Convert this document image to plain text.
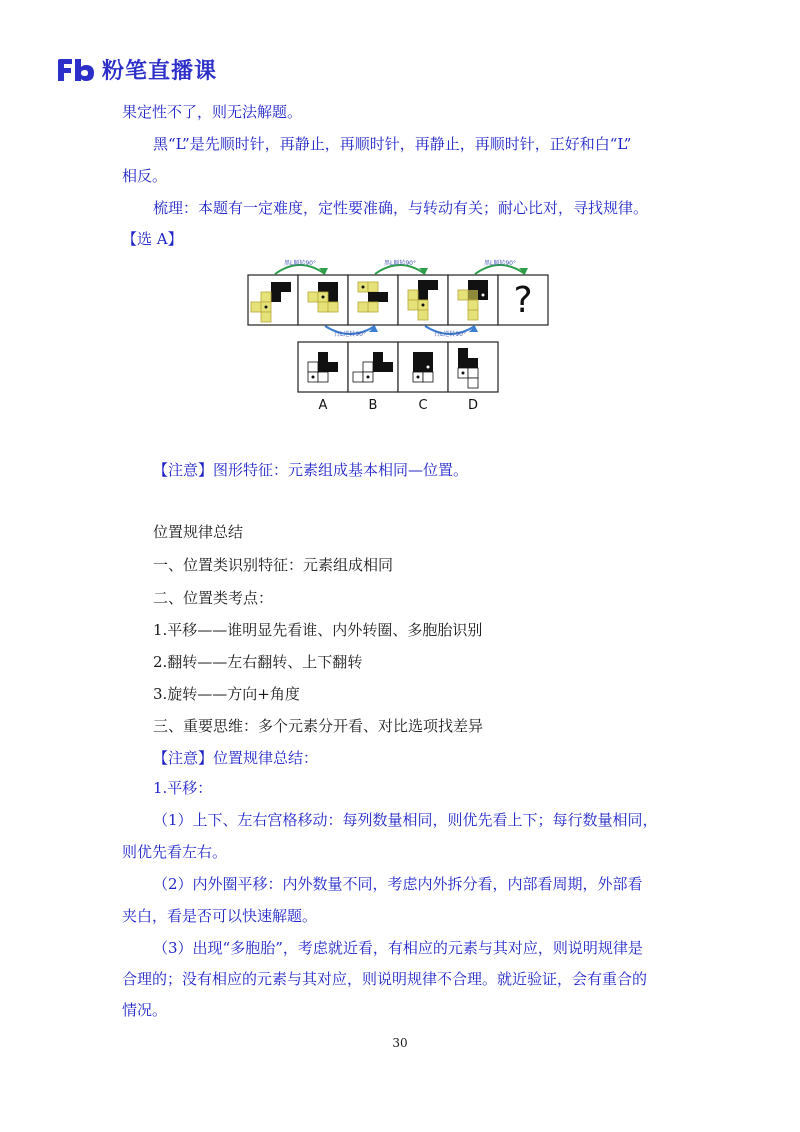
粉笔直播课
果定性不了，则无法解题。
黑“L”是先顺时针，再静止，再顺时针，再静止，再顺时针，正好和白“L”
相反。
梳理：本题有一定难度，定性要准确，与转动有关；耐心比对，寻找规律。
【选 A】
黑L顺转90°	黑L顺转90°	黑L顺转90°
?
白L逆转90°	白L逆转90°
A	B	C	D
【注意】图形特征：元素组成基本相同—位置。
位置规律总结
一、位置类识别特征：元素组成相同
二、位置类考点：
1.平移——谁明显先看谁、内外转圈、多胞胎识别
2.翻转——左右翻转、上下翻转
3.旋转——方向+角度
三、重要思维：多个元素分开看、对比选项找差异
【注意】位置规律总结：
1.平移：
（1）上下、左右宫格移动：每列数量相同，则优先看上下；每行数量相同，
则优先看左右。
（2）内外圈平移：内外数量不同，考虑内外拆分看，内部看周期，外部看
夹白，看是否可以快速解题。
（3）出现“多胞胎”，考虑就近看，有相应的元素与其对应，则说明规律是
合理的；没有相应的元素与其对应，则说明规律不合理。就近验证，会有重合的
情况。
30
